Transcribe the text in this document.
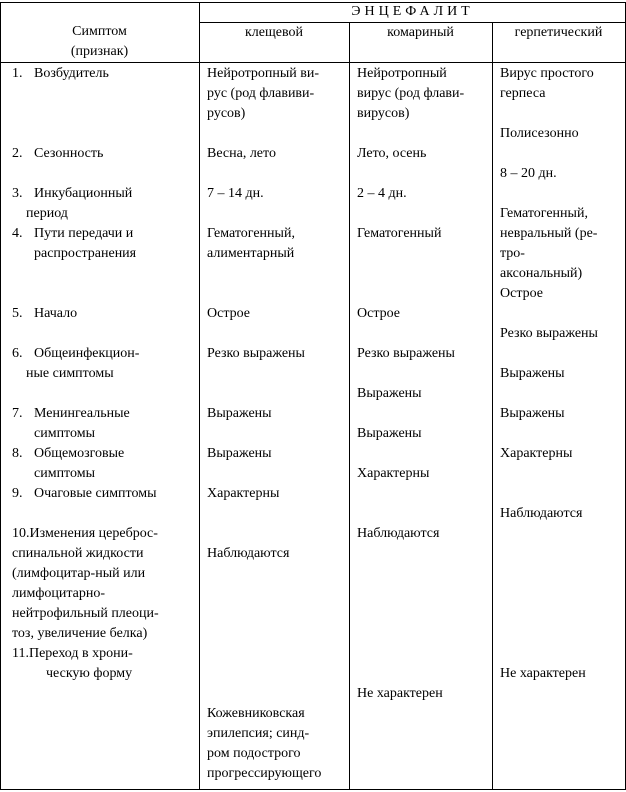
Симптом
(признак)
ЭНЦЕФАЛИТ
клещевой	комариный	герпетический
1. Возбудитель
2. Сезонность
3. Инкубационный
период
4. Пути передачи и
распространения
5. Начало
6. Общеинфекцион-
ные симптомы
7. Менингеальные
симптомы
8. Общемозговые
симптомы
9. Очаговые симптомы
10.Изменения цереброс-
спинальной жидкости
(лимфоцитар-ный или
лимфоцитарно-
нейтрофильный плеоци-
тоз, увеличение белка)
11.Переход в хрони-
ческую форму
Нейротропный ви-
рус (род флавиви-
русов)
Весна, лето
7 – 14 дн.
Гематогенный,
алиментарный
Острое
Резко выражены
Выражены
Выражены
Характерны
Наблюдаются
Кожевниковская
эпилепсия; синд-
ром подострого
прогрессирующего
Нейротропный
вирус (род флави-
вирусов)
Лето, осень
2 – 4 дн.
Гематогенный
Острое
Резко выражены
Выражены
Выражены
Характерны
Наблюдаются
Не характерен
Вирус простого
герпеса
Полисезонно
8 – 20 дн.
Гематогенный,
невральный (ре-
тро-
аксональный)
Острое
Резко выражены
Выражены
Выражены
Характерны
Наблюдаются
Не характерен
